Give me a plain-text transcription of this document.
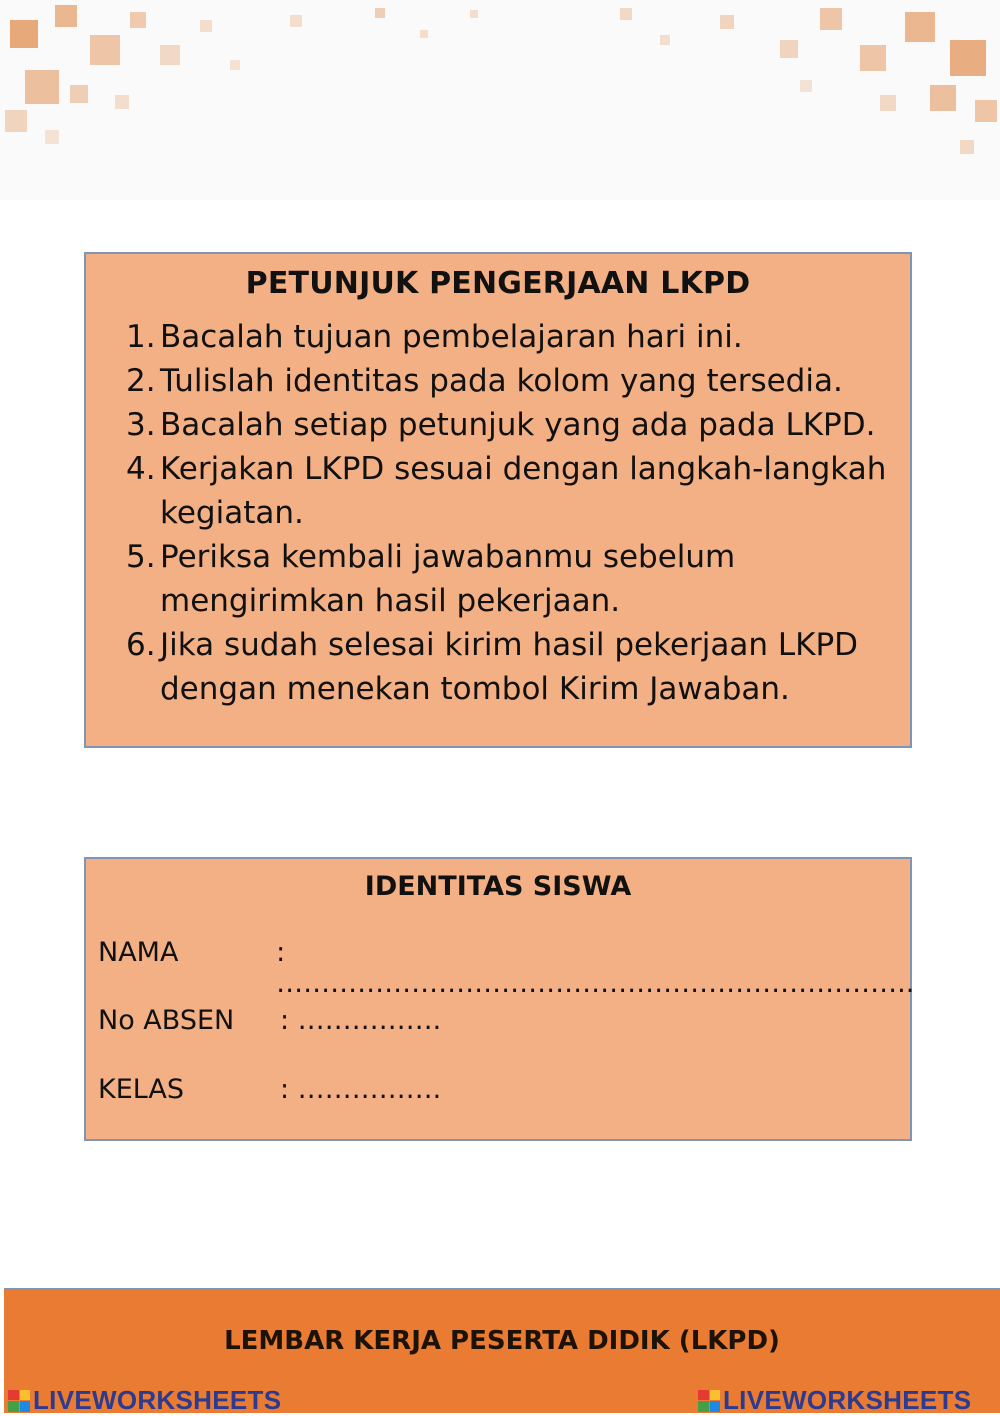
PETUNJUK PENGERJAAN LKPD
1. Bacalah tujuan pembelajaran hari ini.
2. Tulislah identitas pada kolom yang tersedia.
3. Bacalah setiap petunjuk yang ada pada LKPD.
4. Kerjakan LKPD sesuai dengan langkah-langkah kegiatan.
5. Periksa kembali jawabanmu sebelum mengirimkan hasil pekerjaan.
6. Jika sudah selesai kirim hasil pekerjaan LKPD dengan menekan tombol Kirim Jawaban.
IDENTITAS SISWA
NAMA	: ……………………………………………………………..
No ABSEN	: …………….
KELAS	: …………….
LEMBAR KERJA PESERTA DIDIK (LKPD)
LIVEWORKSHEETS	LIVEWORKSHEETS
